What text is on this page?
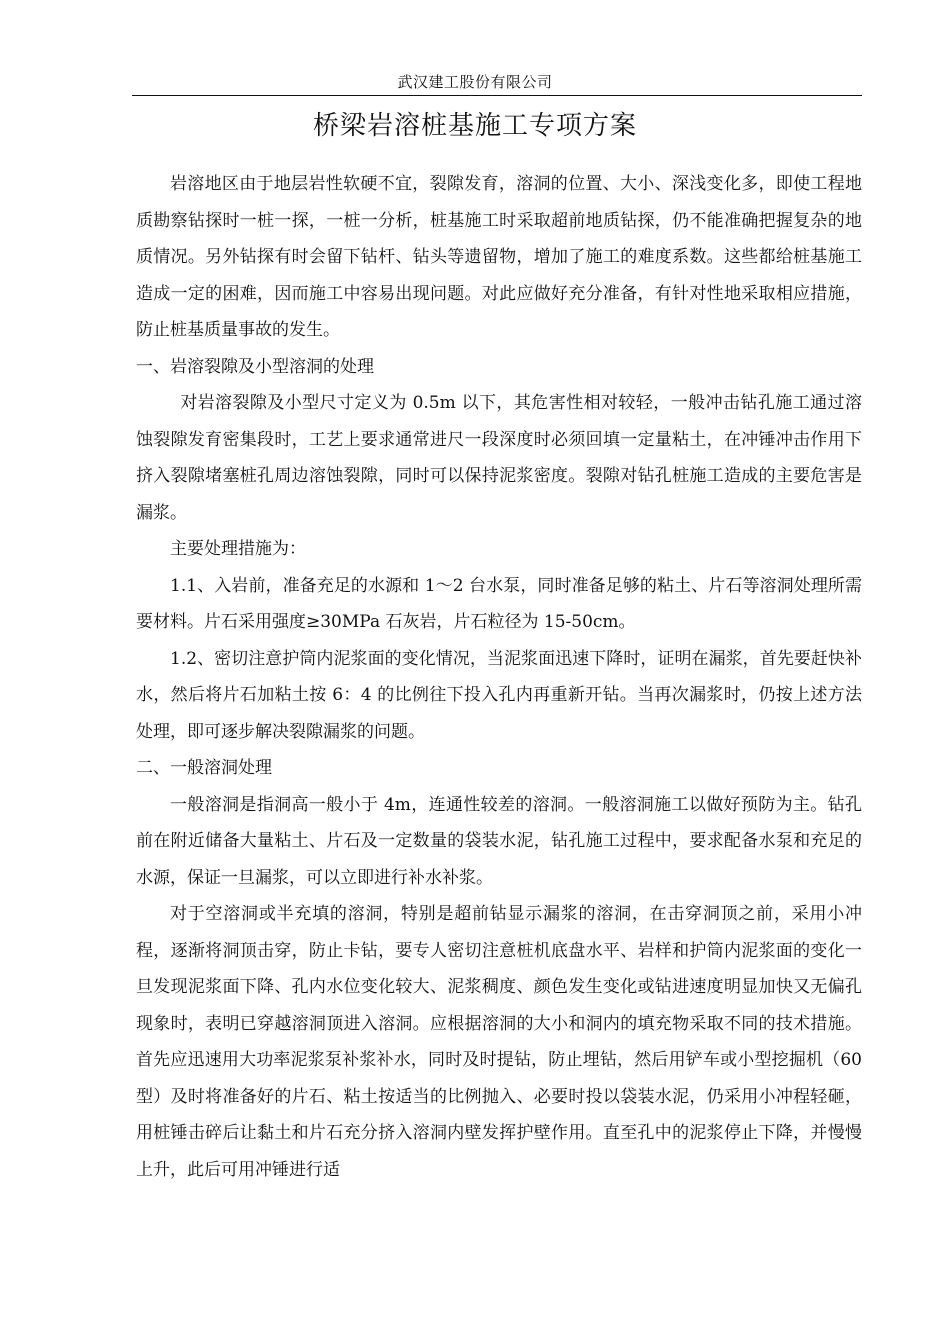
武汉建工股份有限公司
桥梁岩溶桩基施工专项方案

岩溶地区由于地层岩性软硬不宜，裂隙发育，溶洞的位置、大小、深浅变化多，即使工程地质勘察钻探时一桩一探，一桩一分析，桩基施工时采取超前地质钻探，仍不能准确把握复杂的地质情况。另外钻探有时会留下钻杆、钻头等遗留物，增加了施工的难度系数。这些都给桩基施工造成一定的困难，因而施工中容易出现问题。对此应做好充分准备，有针对性地采取相应措施，防止桩基质量事故的发生。

一、岩溶裂隙及小型溶洞的处理

对岩溶裂隙及小型尺寸定义为 0.5m 以下，其危害性相对较轻，一般冲击钻孔施工通过溶蚀裂隙发育密集段时，工艺上要求通常进尺一段深度时必须回填一定量粘土，在冲锤冲击作用下挤入裂隙堵塞桩孔周边溶蚀裂隙，同时可以保持泥浆密度。裂隙对钻孔桩施工造成的主要危害是漏浆。

主要处理措施为：

1.1、入岩前，准备充足的水源和 1～2 台水泵，同时准备足够的粘土、片石等溶洞处理所需要材料。片石采用强度≥30MPa 石灰岩，片石粒径为 15-50cm。

1.2、密切注意护筒内泥浆面的变化情况，当泥浆面迅速下降时，证明在漏浆，首先要赶快补水，然后将片石加粘土按 6：4 的比例往下投入孔内再重新开钻。当再次漏浆时，仍按上述方法处理，即可逐步解决裂隙漏浆的问题。

二、一般溶洞处理

一般溶洞是指洞高一般小于 4m，连通性较差的溶洞。一般溶洞施工以做好预防为主。钻孔前在附近储备大量粘土、片石及一定数量的袋装水泥，钻孔施工过程中，要求配备水泵和充足的水源，保证一旦漏浆，可以立即进行补水补浆。

对于空溶洞或半充填的溶洞，特别是超前钻显示漏浆的溶洞，在击穿洞顶之前，采用小冲程，逐渐将洞顶击穿，防止卡钻，要专人密切注意桩机底盘水平、岩样和护筒内泥浆面的变化一旦发现泥浆面下降、孔内水位变化较大、泥浆稠度、颜色发生变化或钻进速度明显加快又无偏孔现象时，表明已穿越溶洞顶进入溶洞。应根据溶洞的大小和洞内的填充物采取不同的技术措施。首先应迅速用大功率泥浆泵补浆补水，同时及时提钻，防止埋钻，然后用铲车或小型挖掘机（60 型）及时将准备好的片石、粘土按适当的比例抛入、必要时投以袋装水泥，仍采用小冲程轻砸，用桩锤击碎后让黏土和片石充分挤入溶洞内壁发挥护壁作用。直至孔中的泥浆停止下降，并慢慢上升，此后可用冲锤进行适
